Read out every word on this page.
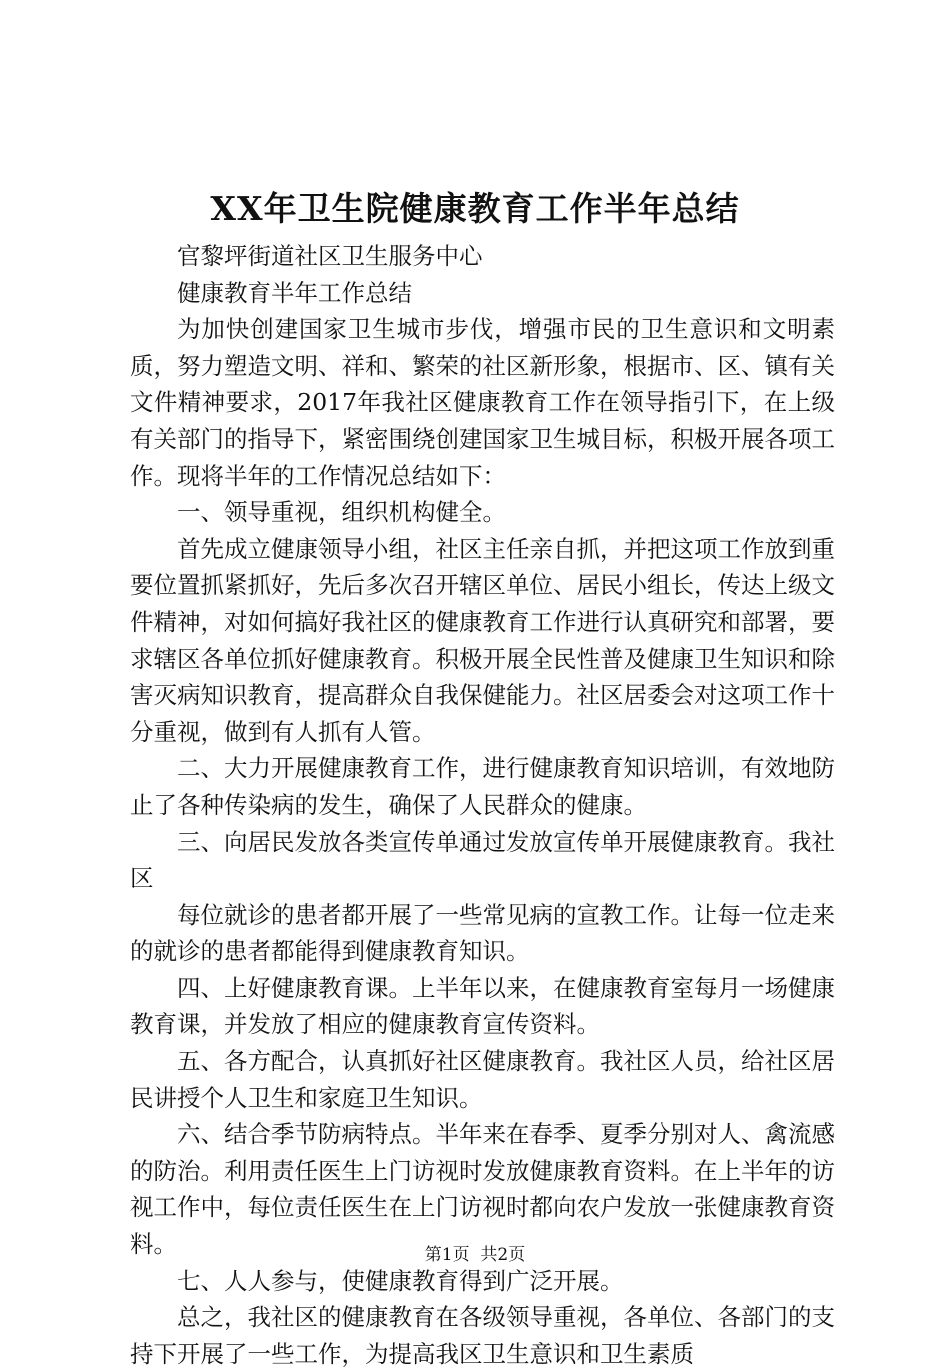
XX年卫生院健康教育工作半年总结

官黎坪街道社区卫生服务中心

健康教育半年工作总结

为加快创建国家卫生城市步伐，增强市民的卫生意识和文明素质，努力塑造文明、祥和、繁荣的社区新形象，根据市、区、镇有关文件精神要求，2017年我社区健康教育工作在领导指引下，在上级有关部门的指导下，紧密围绕创建国家卫生城目标，积极开展各项工作。现将半年的工作情况总结如下：

一、领导重视，组织机构健全。

首先成立健康领导小组，社区主任亲自抓，并把这项工作放到重要位置抓紧抓好，先后多次召开辖区单位、居民小组长，传达上级文件精神，对如何搞好我社区的健康教育工作进行认真研究和部署，要求辖区各单位抓好健康教育。积极开展全民性普及健康卫生知识和除害灭病知识教育，提高群众自我保健能力。社区居委会对这项工作十分重视，做到有人抓有人管。

二、大力开展健康教育工作，进行健康教育知识培训，有效地防止了各种传染病的发生，确保了人民群众的健康。

三、向居民发放各类宣传单通过发放宣传单开展健康教育。我社区

每位就诊的患者都开展了一些常见病的宣教工作。让每一位走来的就诊的患者都能得到健康教育知识。

四、上好健康教育课。上半年以来，在健康教育室每月一场健康教育课，并发放了相应的健康教育宣传资料。

五、各方配合，认真抓好社区健康教育。我社区人员，给社区居民讲授个人卫生和家庭卫生知识。

六、结合季节防病特点。半年来在春季、夏季分别对人、禽流感的防治。利用责任医生上门访视时发放健康教育资料。在上半年的访视工作中，每位责任医生在上门访视时都向农户发放一张健康教育资料。

七、人人参与，使健康教育得到广泛开展。

总之，我社区的健康教育在各级领导重视，各单位、各部门的支持下开展了一些工作，为提高我区卫生意识和卫生素质

第1页  共2页
